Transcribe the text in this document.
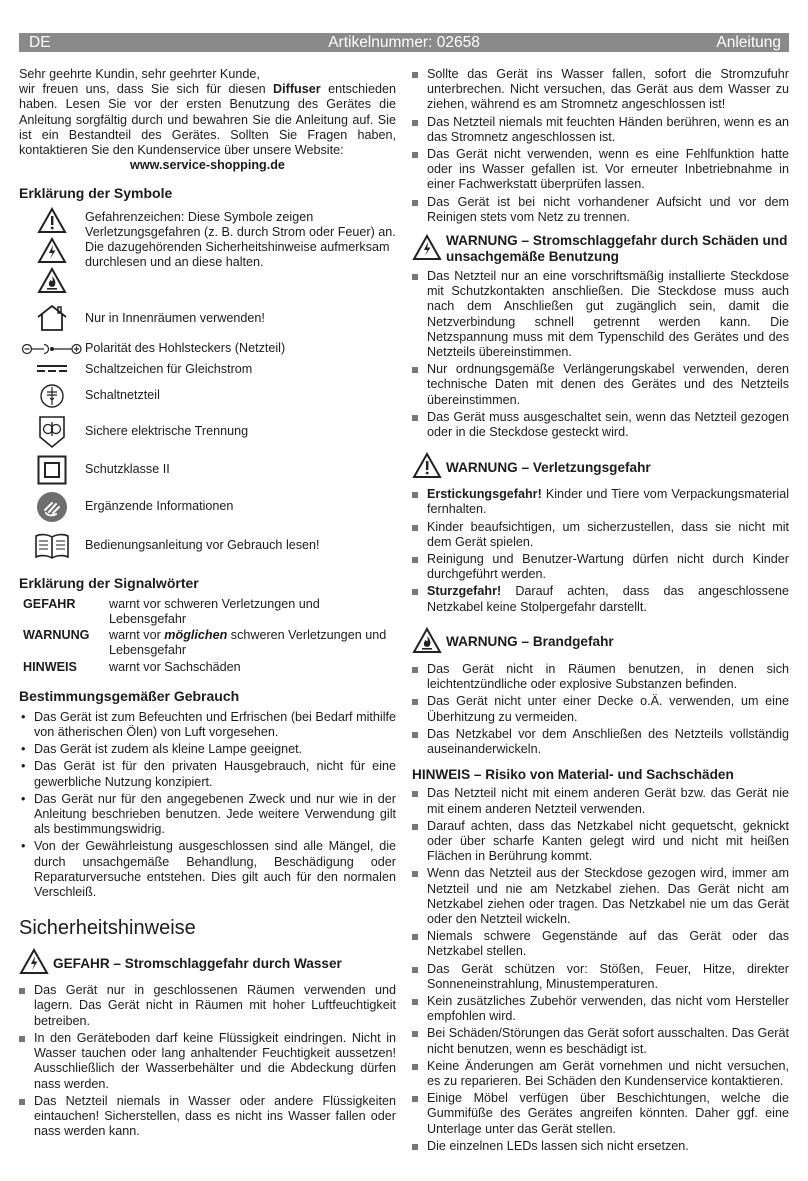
DE	Artikelnummer: 02658	Anleitung

Sehr geehrte Kundin, sehr geehrter Kunde,
wir freuen uns, dass Sie sich für diesen Diffuser entschieden haben. Lesen Sie vor der ersten Benutzung des Gerätes die Anleitung sorgfältig durch und bewahren Sie die Anleitung auf. Sie ist ein Bestandteil des Gerätes. Sollten Sie Fragen haben, kontaktieren Sie den Kundenservice über unsere Website:

www.service-shopping.de

Erklärung der Symbole
Gefahrenzeichen: Diese Symbole zeigen Verletzungsgefahren (z. B. durch Strom oder Feuer) an. Die dazugehörenden Sicherheitshinweise aufmerksam durchlesen und an diese halten.
Nur in Innenräumen verwenden!
Polarität des Hohlsteckers (Netzteil)
Schaltzeichen für Gleichstrom
Schaltnetzteil
Sichere elektrische Trennung
Schutzklasse II
Ergänzende Informationen
Bedienungsanleitung vor Gebrauch lesen!
Erklärung der Signalwörter
GEFAHR	warnt vor schweren Verletzungen und Lebensgefahr
WARNUNG	warnt vor möglichen schweren Verletzungen und Lebensgefahr
HINWEIS	warnt vor Sachschäden
Bestimmungsgemäßer Gebrauch
• Das Gerät ist zum Befeuchten und Erfrischen (bei Bedarf mithilfe von ätherischen Ölen) von Luft vorgesehen.
• Das Gerät ist zudem als kleine Lampe geeignet.
• Das Gerät ist für den privaten Hausgebrauch, nicht für eine gewerbliche Nutzung konzipiert.
• Das Gerät nur für den angegebenen Zweck und nur wie in der Anleitung beschrieben benutzen. Jede weitere Verwendung gilt als bestimmungswidrig.
• Von der Gewährleistung ausgeschlossen sind alle Mängel, die durch unsachgemäße Behandlung, Beschädigung oder Reparaturversuche entstehen. Dies gilt auch für den normalen Verschleiß.
Sicherheitshinweise
GEFAHR – Stromschlaggefahr durch Wasser
Das Gerät nur in geschlossenen Räumen verwenden und lagern. Das Gerät nicht in Räumen mit hoher Luftfeuchtigkeit betreiben.
In den Geräteboden darf keine Flüssigkeit eindringen. Nicht in Wasser tauchen oder lang anhaltender Feuchtigkeit aussetzen! Ausschließlich der Wasserbehälter und die Abdeckung dürfen nass werden.
Das Netzteil niemals in Wasser oder andere Flüssigkeiten eintauchen! Sicherstellen, dass es nicht ins Wasser fallen oder nass werden kann.
Sollte das Gerät ins Wasser fallen, sofort die Stromzufuhr unterbrechen. Nicht versuchen, das Gerät aus dem Wasser zu ziehen, während es am Stromnetz angeschlossen ist!
Das Netzteil niemals mit feuchten Händen berühren, wenn es an das Stromnetz angeschlossen ist.
Das Gerät nicht verwenden, wenn es eine Fehlfunktion hatte oder ins Wasser gefallen ist. Vor erneuter Inbetriebnahme in einer Fachwerkstatt überprüfen lassen.
Das Gerät ist bei nicht vorhandener Aufsicht und vor dem Reinigen stets vom Netz zu trennen.
WARNUNG – Stromschlaggefahr durch Schäden und unsachgemäße Benutzung
Das Netzteil nur an eine vorschriftsmäßig installierte Steckdose mit Schutzkontakten anschließen. Die Steckdose muss auch nach dem Anschließen gut zugänglich sein, damit die Netzverbindung schnell getrennt werden kann. Die Netzspannung muss mit dem Typenschild des Gerätes und des Netzteils übereinstimmen.
Nur ordnungsgemäße Verlängerungskabel verwenden, deren technische Daten mit denen des Gerätes und des Netzteils übereinstimmen.
Das Gerät muss ausgeschaltet sein, wenn das Netzteil gezogen oder in die Steckdose gesteckt wird.
WARNUNG – Verletzungsgefahr
Erstickungsgefahr! Kinder und Tiere vom Verpackungsmaterial fernhalten.
Kinder beaufsichtigen, um sicherzustellen, dass sie nicht mit dem Gerät spielen.
Reinigung und Benutzer-Wartung dürfen nicht durch Kinder durchgeführt werden.
Sturzgefahr! Darauf achten, dass das angeschlossene Netzkabel keine Stolpergefahr darstellt.
WARNUNG – Brandgefahr
Das Gerät nicht in Räumen benutzen, in denen sich leichtentzündliche oder explosive Substanzen befinden.
Das Gerät nicht unter einer Decke o.Ä. verwenden, um eine Überhitzung zu vermeiden.
Das Netzkabel vor dem Anschließen des Netzteils vollständig auseinanderwickeln.
HINWEIS – Risiko von Material- und Sachschäden
Das Netzteil nicht mit einem anderen Gerät bzw. das Gerät nie mit einem anderen Netzteil verwenden.
Darauf achten, dass das Netzkabel nicht gequetscht, geknickt oder über scharfe Kanten gelegt wird und nicht mit heißen Flächen in Berührung kommt.
Wenn das Netzteil aus der Steckdose gezogen wird, immer am Netzteil und nie am Netzkabel ziehen. Das Gerät nicht am Netzkabel ziehen oder tragen. Das Netzkabel nie um das Gerät oder den Netzteil wickeln.
Niemals schwere Gegenstände auf das Gerät oder das Netzkabel stellen.
Das Gerät schützen vor: Stößen, Feuer, Hitze, direkter Sonneneinstrahlung, Minustemperaturen.
Kein zusätzliches Zubehör verwenden, das nicht vom Hersteller empfohlen wird.
Bei Schäden/Störungen das Gerät sofort ausschalten. Das Gerät nicht benutzen, wenn es beschädigt ist.
Keine Änderungen am Gerät vornehmen und nicht versuchen, es zu reparieren. Bei Schäden den Kundenservice kontaktieren.
Einige Möbel verfügen über Beschichtungen, welche die Gummifüße des Gerätes angreifen könnten. Daher ggf. eine Unterlage unter das Gerät stellen.
Die einzelnen LEDs lassen sich nicht ersetzen.
